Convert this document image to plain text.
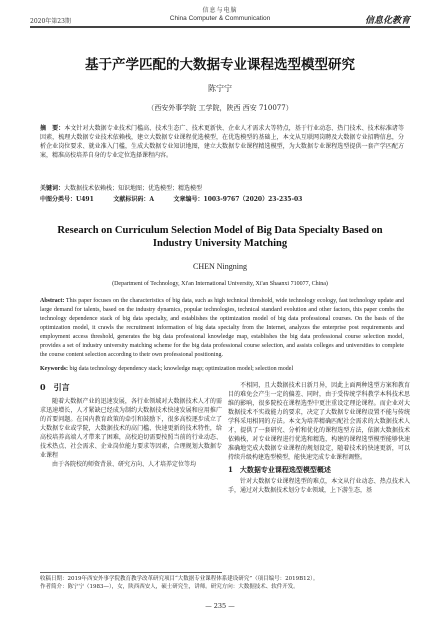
信息与电脑
2020年第23期	China Computer & Communication	信息化教育
基于产学匹配的大数据专业课程选型模型研究
陈宁宁
（西安外事学院 工学院，陕西 西安 710077）
摘　要：本文针对大数据专业技术门槛高、技术生态广、技术更新快、企业人才需求大等特点，基于行业动态、热门技术、技术标准诸等因素，梳理大数据专业技术依赖栈，建立大数据专业课程优选模型，在优选模型的基础上，本文从互联网岗聘及大数据专业招聘信息，分析企业岗位要求、就业准入门槛，生成大数据专业知识地图，建立大数据专业课程精选模型，为大数据专业课程选型提供一套产学匹配方案，精准高校培养自身的专业定位选择课程内容。
关键词：大数据技术依赖栈；知识地图；优选模型；精选模型
中图分类号：U491	文献标识码：A	文章编号：1003-9767（2020）23-235-03
Research on Curriculum Selection Model of Big Data Specialty Based on Industry University Matching
CHEN Ningning
(Department of Technology, Xi'an International University, Xi'an Shaanxi 710077, China)
Abstract: This paper focuses on the characteristics of big data, such as high technical threshold, wide technology ecology, fast technology update and large demand for talents, based on the industry dynamics, popular technologies, technical standard evolution and other factors, this paper combs the technology dependence stack of big data specialty, and establishes the optimization model of big data professional courses. On the basis of the optimization model, it crawls the recruitment information of big data specialty from the Internet, analyzes the enterprise post requirements and employment access threshold, generates the big data professional knowledge map, establishes the big data professional course selection model, provides a set of industry university matching scheme for the big data professional course selection, and assists colleges and universities to complete the course content selection according to their own professional positioning.
Keywords: big data technology dependency stack; knowledge map; optimization model; selection model
0　引言

随着大数据产业的迅速发展，各行业领域对大数据技术人才的需求迅速增长，人才紧缺已经成为制约大数据技术快速发展和应用推广的首要问题。在国内教育政策的牵引和鼓励下，很多高校逐步成立了大数据专业或学院，大数据技术的高门槛、快速更新的技术特性，给高校培养高端人才带来了困难，高校迫切需要按照当前的行业动态、技术热点、社会需求、企业岗位能力要求等因素，合理规划大数据专业课程

由于各院校的师资背景、研究方向、人才培养定位等均

不相同，且大数据技术日新月异，因此上面两种选型方案和教育目的难免会产生一定的偏差、同时，由于受传统学科教学本科技术思维的影响，很多院校在课程选型中更注重设定理论课程。而企业对大数据技术不实战能力的要求，决定了大数据专业课程设置不能与传统学科采用相同的方法。本文为培养精确匹配社会需求的大数据技术人才，提供了一套研究、分析和优化的课程选型方法，依据大数据技术依赖栈，对专业课程进行优选和精选，构建的课程选型模型能够快速准确地完成大数据专业课程的规划设定，随着技术的快速更新，可以持续升级构建选型模型，能快速完成专业课程调整。

1　大数据专业课程选型模型概述

针对大数据专业课程选型的难点，本文从行业动态、热点技术入手，通过对大数据技术划分专业领域，上下游生态，基

收稿日期：2019年西安外事学院教育教学改革研究项目“大数据专业课程体系建设研究”（项目编号：2019B12）。
作者简介：陈宁宁（1983—），女，陕西西安人，硕士研究生，讲师。研究方向：大数据技术、软件开发。
— 235 —
